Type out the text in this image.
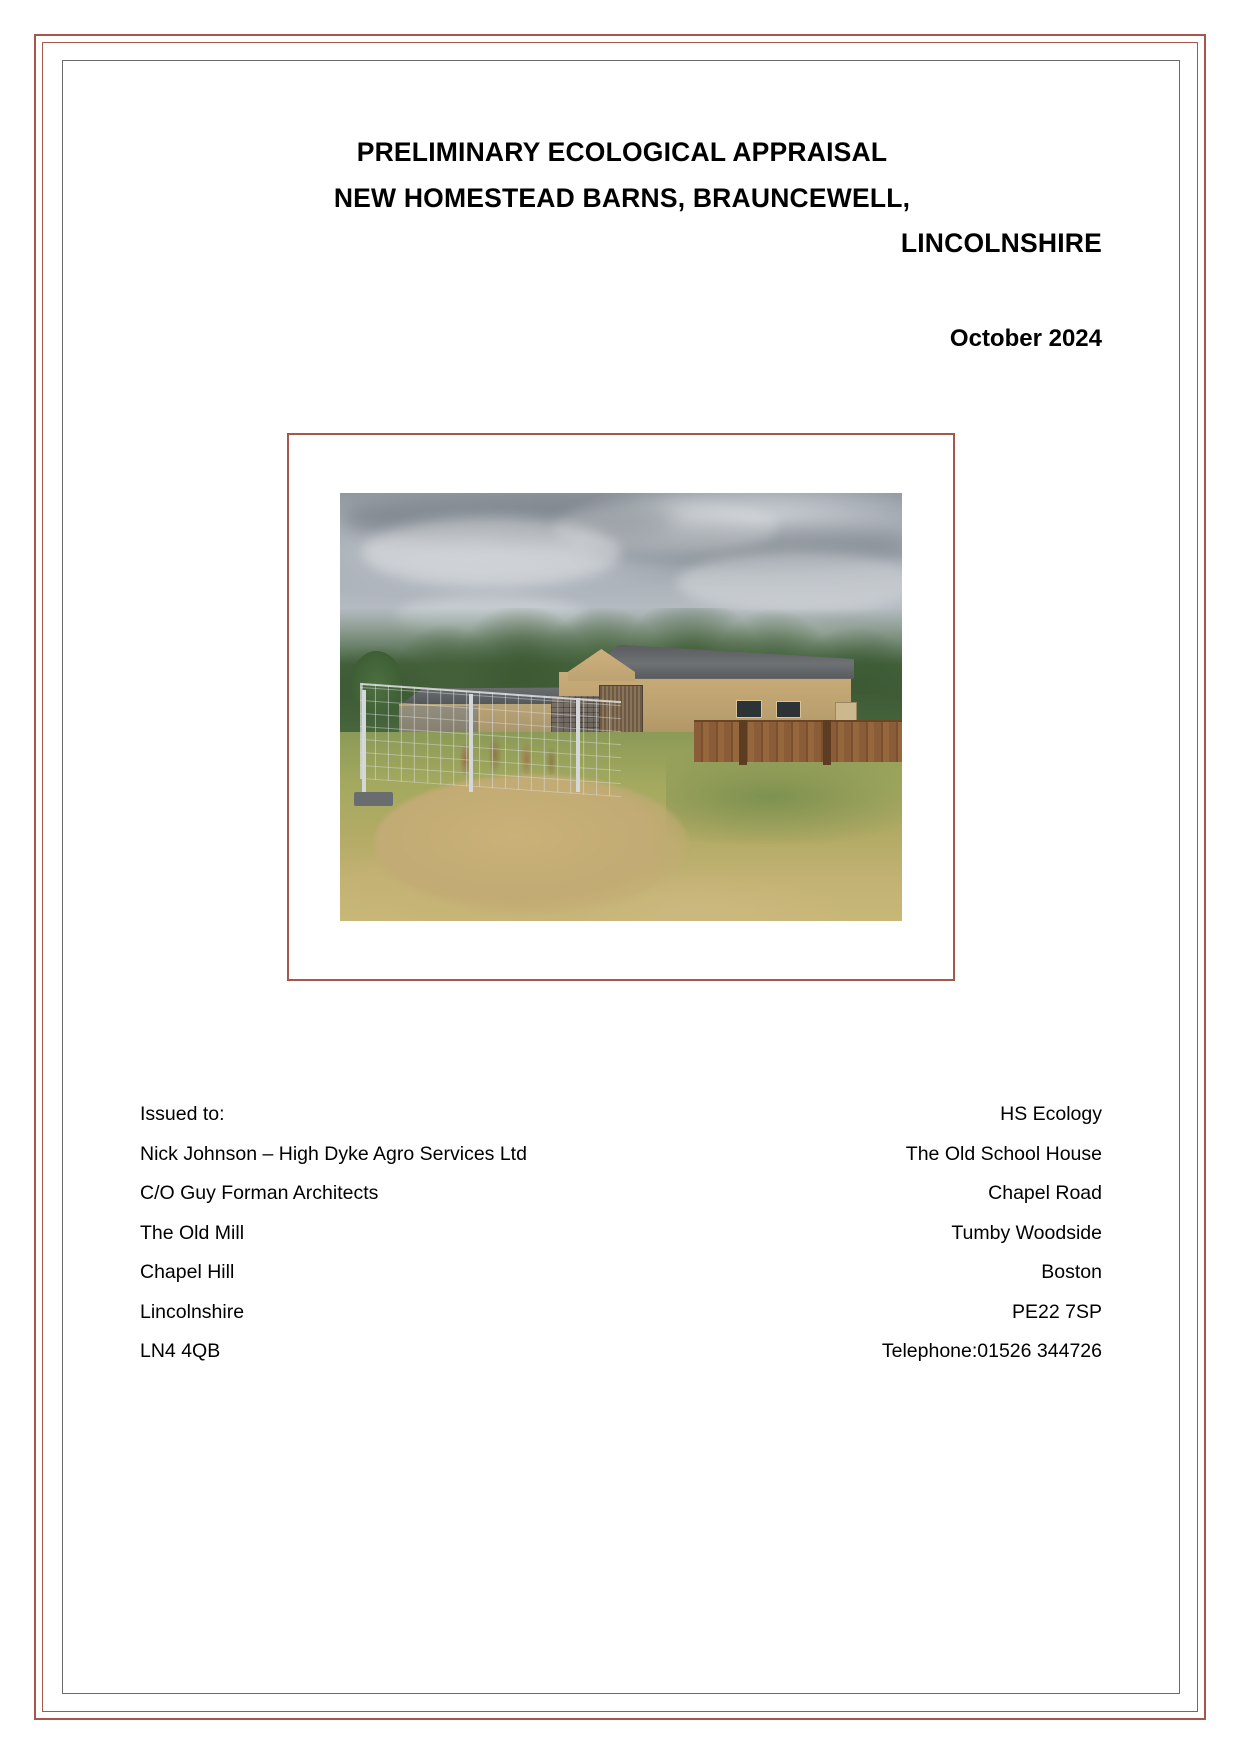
PRELIMINARY ECOLOGICAL APPRAISAL
NEW HOMESTEAD BARNS, BRAUNCEWELL,
LINCOLNSHIRE
October 2024
Issued to:
Nick Johnson – High Dyke Agro Services Ltd
C/O Guy Forman Architects
The Old Mill
Chapel Hill
Lincolnshire
LN4 4QB
HS Ecology
The Old School House
Chapel Road
Tumby Woodside
Boston
PE22 7SP
Telephone:01526 344726
